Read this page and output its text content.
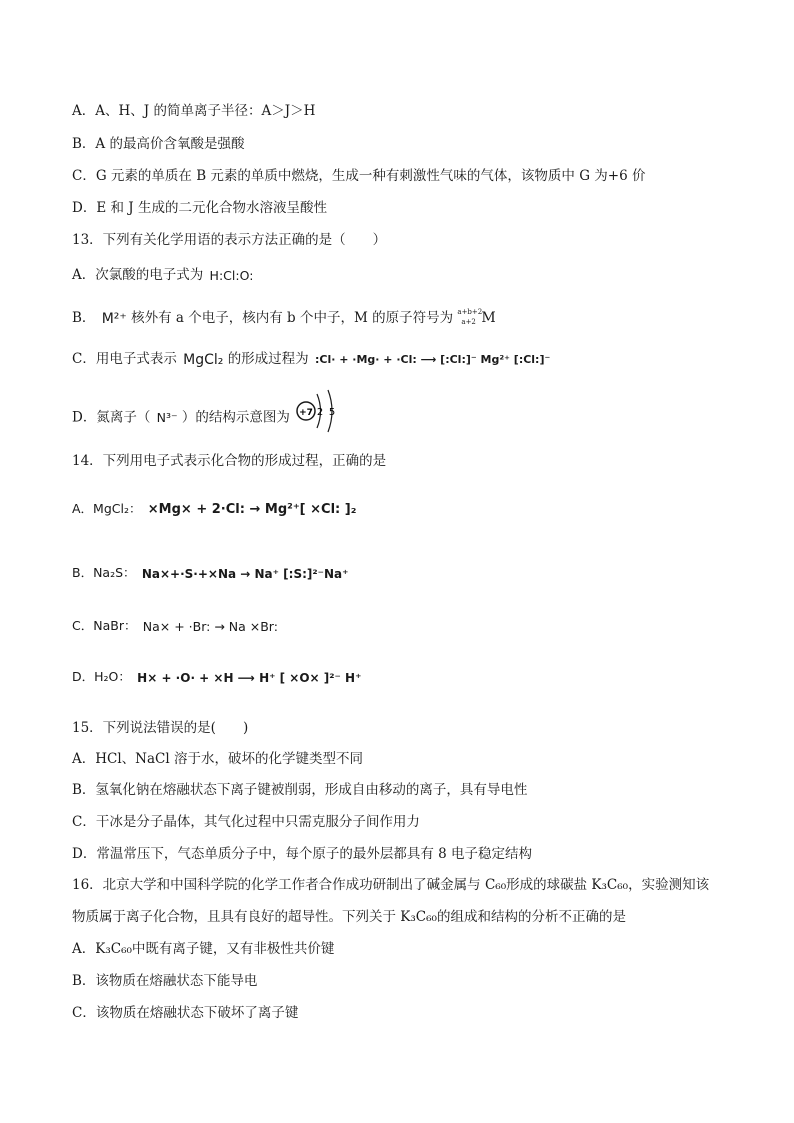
A．A、H、J 的简单离子半径：A＞J＞H
B．A 的最高价含氧酸是强酸
C．G 元素的单质在 B 元素的单质中燃烧，生成一种有刺激性气味的气体，该物质中 G 为+6 价
D．E 和 J 生成的二元化合物水溶液呈酸性
13．下列有关化学用语的表示方法正确的是（　　）
A．次氯酸的电子式为 H:Cl:O:
B． M²⁺ 核外有 a 个电子，核内有 b 个中子，M 的原子符号为 a+b+2
a+2 M
C．用电子式表示 MgCl₂ 的形成过程为 :Cl· + ·Mg· + ·Cl: ⟶ [:Cl:]⁻ Mg²⁺ [:Cl:]⁻
D．氮离子（ N³⁻ ）的结构示意图为 +7 2 5
14．下列用电子式表示化合物的形成过程，正确的是
A．MgCl₂： ×Mg× + 2·Cl: → Mg²⁺[ ×Cl: ]₂
B．Na₂S： Na×+·S·+×Na → Na⁺ [:S:]²⁻Na⁺
C．NaBr： Na× + ·Br: → Na ×Br:
D．H₂O： H× + ·O· + ×H ⟶ H⁺ [ ×O× ]²⁻ H⁺
15．下列说法错误的是(　　)
A．HCl、NaCl 溶于水，破坏的化学键类型不同
B．氢氧化钠在熔融状态下离子键被削弱，形成自由移动的离子，具有导电性
C．干冰是分子晶体，其气化过程中只需克服分子间作用力
D．常温常压下，气态单质分子中，每个原子的最外层都具有 8 电子稳定结构
16．北京大学和中国科学院的化学工作者合作成功研制出了碱金属与 C₆₀形成的球碳盐 K₃C₆₀，实验测知该
物质属于离子化合物，且具有良好的超导性。下列关于 K₃C₆₀的组成和结构的分析不正确的是
A．K₃C₆₀中既有离子键，又有非极性共价键
B．该物质在熔融状态下能导电
C．该物质在熔融状态下破坏了离子键
